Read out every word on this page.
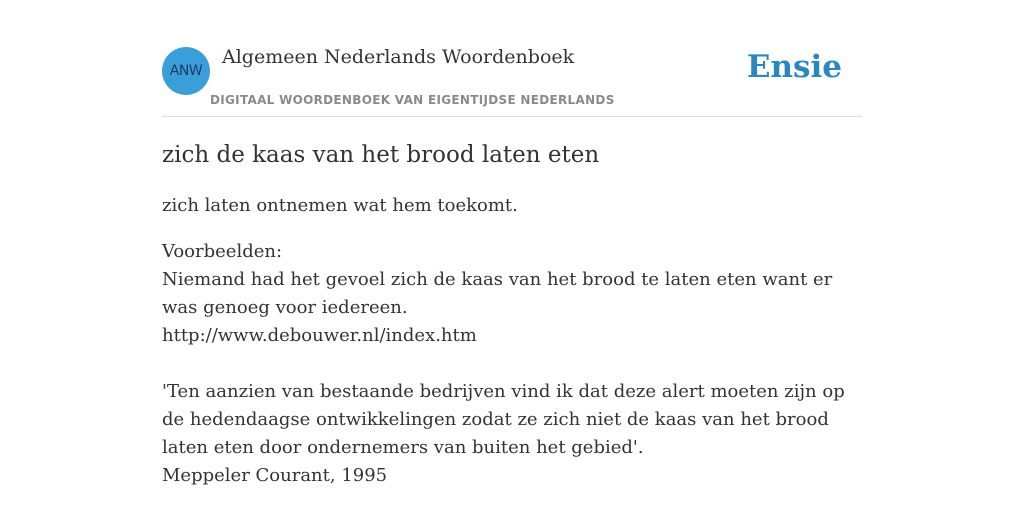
ANW
Algemeen Nederlands Woordenboek
DIGITAAL WOORDENBOEK VAN EIGENTIJDSE NEDERLANDS
Ensie
zich de kaas van het brood laten eten

zich laten ontnemen wat hem toekomt.

Voorbeelden:
Niemand had het gevoel zich de kaas van het brood te laten eten want er was genoeg voor iedereen.
http://www.debouwer.nl/index.htm
'Ten aanzien van bestaande bedrijven vind ik dat deze alert moeten zijn op de hedendaagse ontwikkelingen zodat ze zich niet de kaas van het brood laten eten door ondernemers van buiten het gebied'.
Meppeler Courant, 1995
